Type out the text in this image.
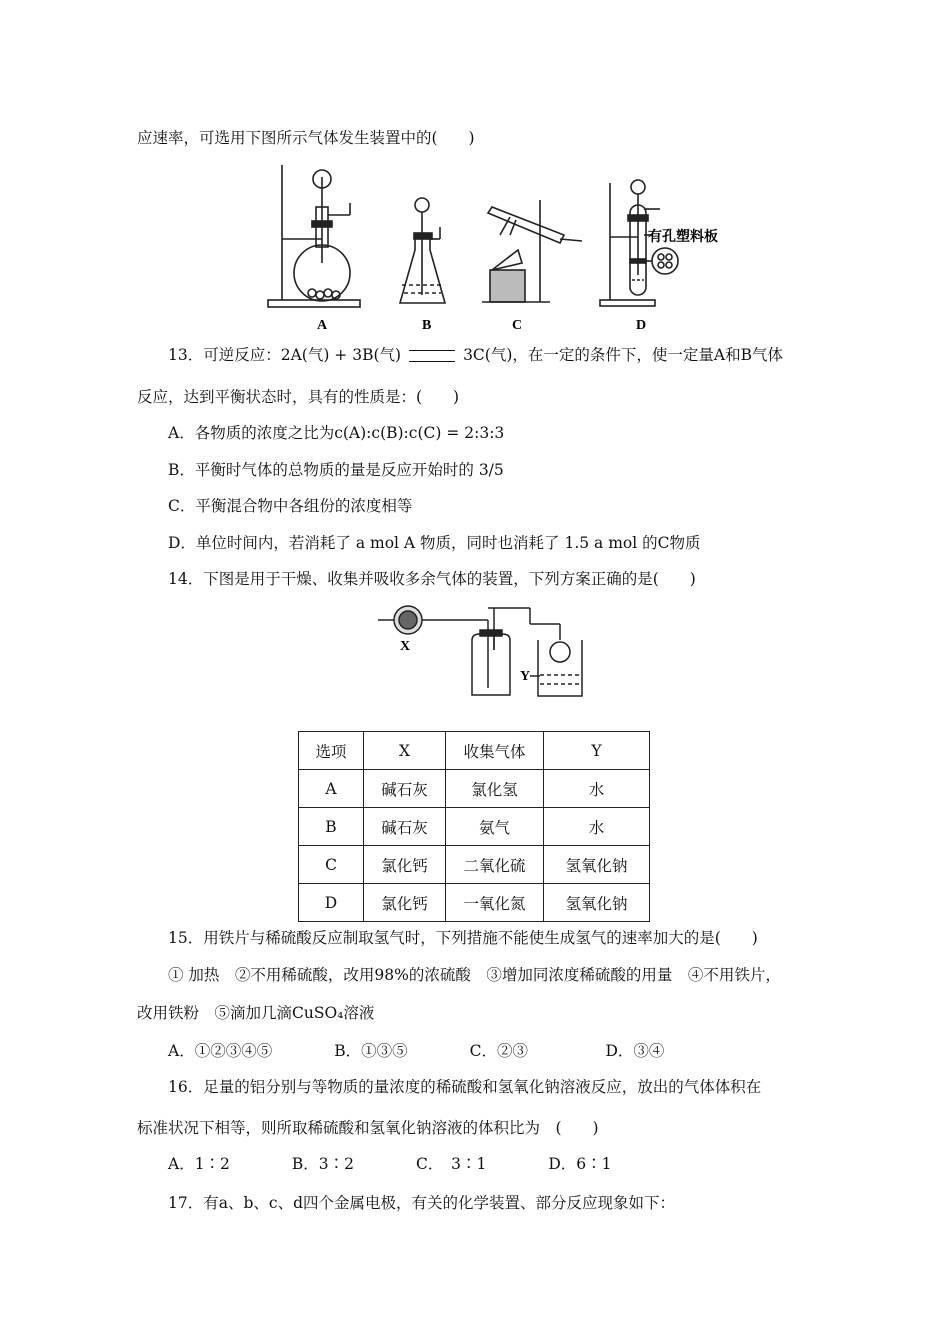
应速率，可选用下图所示气体发生装置中的(　　)
有孔塑料板
A	B	C	D
13．可逆反应：2A(气) + 3B(气)	3C(气)，在一定的条件下，使一定量A和B气体
反应，达到平衡状态时，具有的性质是：(　　)
A．各物质的浓度之比为c(A):c(B):c(C) = 2:3:3
B．平衡时气体的总物质的量是反应开始时的 3/5
C．平衡混合物中各组份的浓度相等
D．单位时间内，若消耗了 a mol A 物质，同时也消耗了 1.5 a mol 的C物质
14．下图是用于干燥、收集并吸收多余气体的装置，下列方案正确的是(　　)
X
Y
选项	X	收集气体	Y
A	碱石灰	氯化氢	水
B	碱石灰	氨气	水
C	氯化钙	二氧化硫	氢氧化钠
D	氯化钙	一氧化氮	氢氧化钠
15．用铁片与稀硫酸反应制取氢气时，下列措施不能使生成氢气的速率加大的是(　　)
① 加热　②不用稀硫酸，改用98%的浓硫酸　③增加同浓度稀硫酸的用量　④不用铁片，
改用铁粉　⑤滴加几滴CuSO₄溶液
A．①②③④⑤　　　　B．①③⑤　　　　C．②③　　　　　D．③④
16．足量的铝分别与等物质的量浓度的稀硫酸和氢氧化钠溶液反应，放出的气体体积在
标准状况下相等，则所取稀硫酸和氢氧化钠溶液的体积比为　(　　)
A．1∶2　　　　B．3∶2　　　　C．　3∶1　　　　D．6∶1
17．有a、b、c、d四个金属电极，有关的化学装置、部分反应现象如下：
